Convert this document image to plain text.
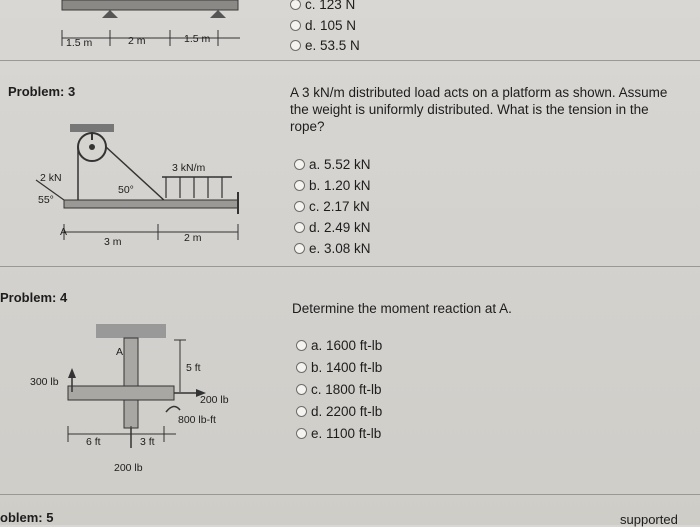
1.5 m	2 m	1.5 m
c. 123 N
d. 105 N
e. 53.5 N
Problem: 3	A 3 kN/m distributed load acts on a platform as shown. Assume the weight is uniformly distributed. What is the tension in the rope?
2 kN
55°
50°
3 kN/m
A
3 m	2 m
a. 5.52 kN
b. 1.20 kN
c. 2.17 kN
d. 2.49 kN
e. 3.08 kN
Problem: 4
Determine the moment reaction at A.
A
300 lb
5 ft
200 lb
800 lb-ft
6 ft	3 ft
200 lb
a. 1600 ft-lb
b. 1400 ft-lb
c. 1800 ft-lb
d. 2200 ft-lb
e. 1100 ft-lb
oblem: 5	supported
